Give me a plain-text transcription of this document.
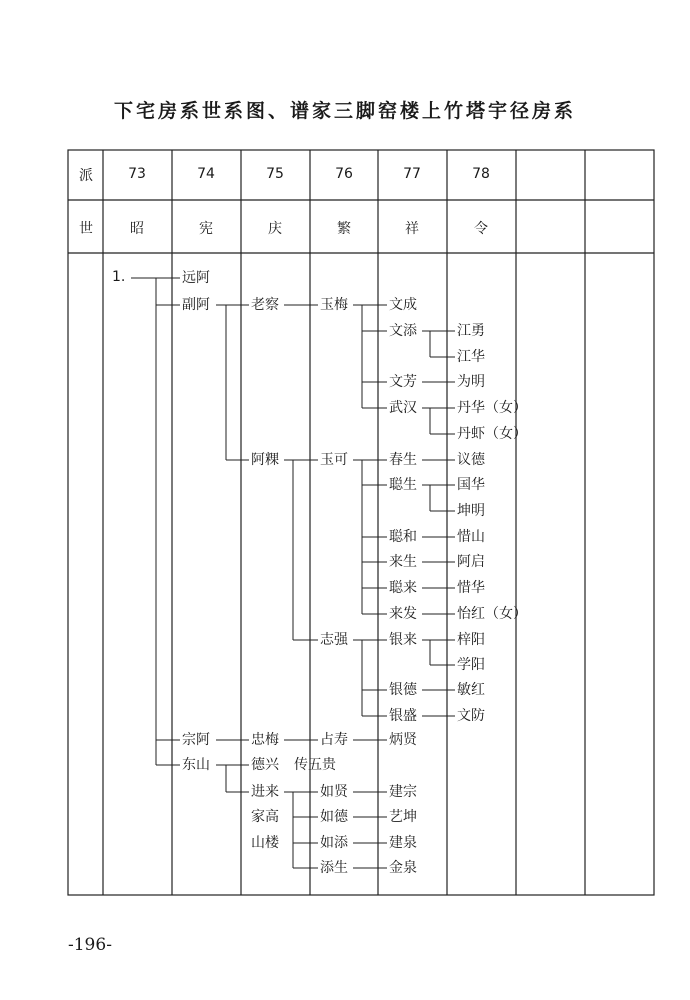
下宅房系世系图、谱家三脚窑楼上竹塔宇径房系
派	73	74	75	76	77	78
世	昭	宪	庆	繁	祥	令
1.	远阿
副阿
宗阿
东山
老察
阿粿
忠梅
德兴 传五贵
进来
家高
山楼
玉梅
玉可
志强
占寿
如贤
如德
如添
添生
文成
文添
文芳
武汉
春生
聪生
聪和
来生
聪来
来发
银来
银德
银盛
炳贤
建宗
艺坤
建泉
金泉
江勇
江华
为明
丹华（女）
丹虾（女）
议德
国华
坤明
惜山
阿启
惜华
怡红（女）
梓阳
学阳
敏红
文防
-196-
